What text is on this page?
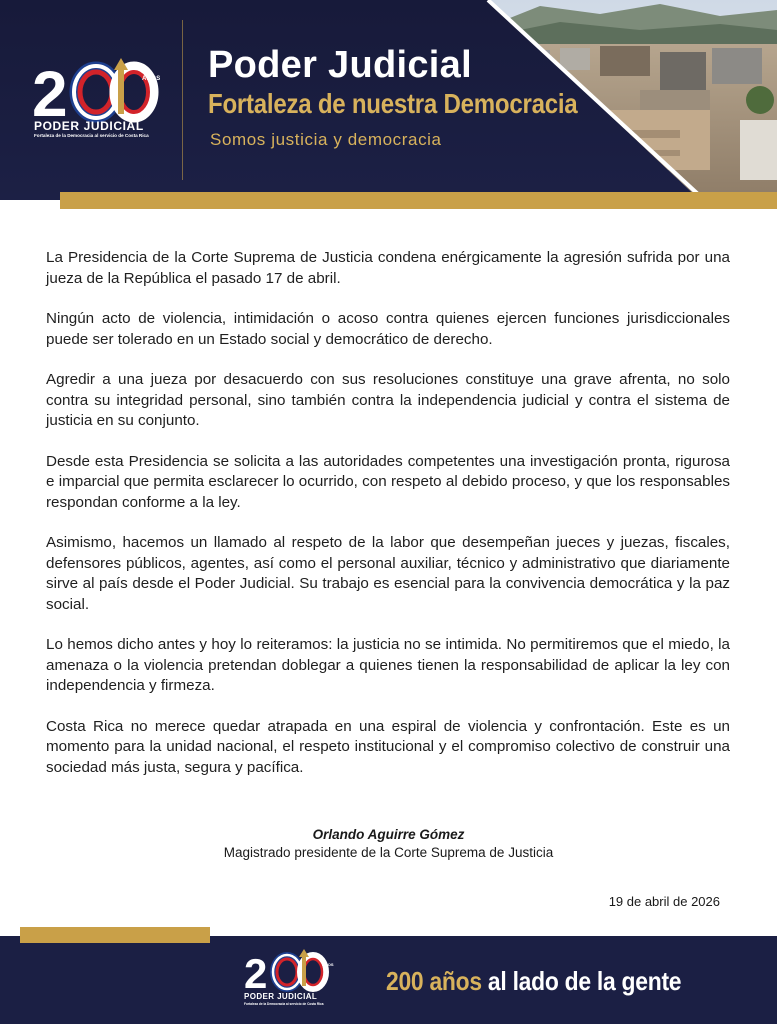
2	AÑOS
PODER JUDICIAL
Fortaleza de la Democracia al servicio de Costa Rica
Poder Judicial
Fortaleza de nuestra Democracia
Somos justicia y democracia

La Presidencia de la Corte Suprema de Justicia condena enérgicamente la agresión sufrida por una jueza de la República el pasado 17 de abril.

Ningún acto de violencia, intimidación o acoso contra quienes ejercen funciones jurisdiccionales puede ser tolerado en un Estado social y democrático de derecho.

Agredir a una jueza por desacuerdo con sus resoluciones constituye una grave afrenta, no solo contra su integridad personal, sino también contra la independencia judicial y contra el sistema de justicia en su conjunto.

Desde esta Presidencia se solicita a las autoridades competentes una investigación pronta, rigurosa e imparcial que permita esclarecer lo ocurrido, con respeto al debido proceso, y que los responsables respondan conforme a la ley.

Asimismo, hacemos un llamado al respeto de la labor que desempeñan jueces y juezas, fiscales, defensores públicos, agentes, así como el personal auxiliar, técnico y administrativo que diariamente sirve al país desde el Poder Judicial. Su trabajo es esencial para la convivencia democrática y la paz social.

Lo hemos dicho antes y hoy lo reiteramos: la justicia no se intimida. No permitiremos que el miedo, la amenaza o la violencia pretendan doblegar a quienes tienen la responsabilidad de aplicar la ley con independencia y firmeza.

Costa Rica no merece quedar atrapada en una espiral de violencia y confrontación. Este es un momento para la unidad nacional, el respeto institucional y el compromiso colectivo de construir una sociedad más justa, segura y pacífica.

Orlando Aguirre Gómez
Magistrado presidente de la Corte Suprema de Justicia
19 de abril de 2026
2	AÑOS
PODER JUDICIAL
Fortaleza de la Democracia al servicio de Costa Rica
200 años al lado de la gente
